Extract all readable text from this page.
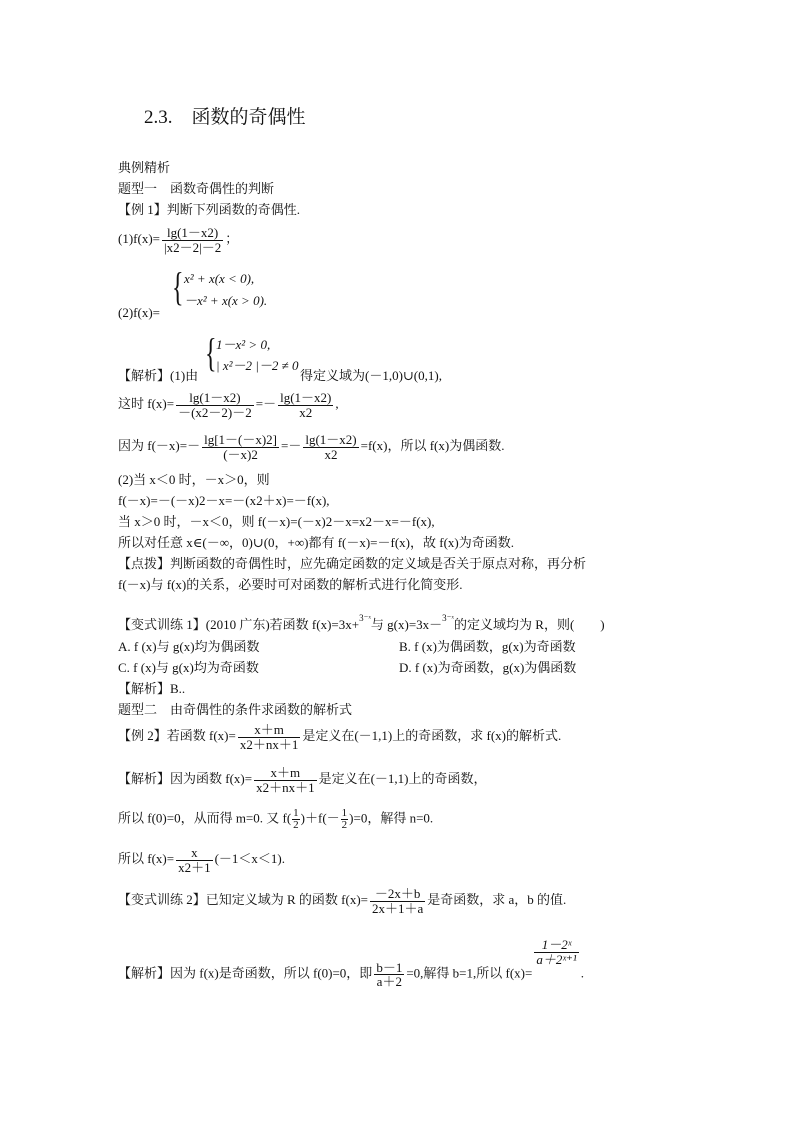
2.3.　函数的奇偶性
典例精析
题型一　函数奇偶性的判断
【例 1】判断下列函数的奇偶性.
$(1)f(x)= \frac{\lg(1-x2)}{|x2-2|-2}$ ；
{ x² + x(x < 0),
－x² + x(x > 0).
(2)f(x)=
{ 1－x² > 0,
| x²－2 |－2 ≠ 0
【解析】(1)由	得定义域为(－1,0)∪(0,1),
这时 $f(x)= \frac{\lg(1-x2)}{-(x2-2)-2} =- \frac{\lg(1-x2)}{x2}$ ,
因为 $f(-x)=- \frac{\lg[1-(-x)2]}{(-x)2} =- \frac{\lg(1-x2)}{x2} =f(x)$，所以 f(x)为偶函数.
(2)当 x＜0 时，－x＞0，则
f(－x)=－(－x)2－x=－(x2＋x)=－f(x),
当 x＞0 时，－x＜0，则 f(－x)=(－x)2－x=x2－x=－f(x),
所以对任意 x∈(－∞，0)∪(0，+∞)都有 f(－x)=－f(x)，故 f(x)为奇函数.
【点拨】判断函数的奇偶性时，应先确定函数的定义域是否关于原点对称，再分析
f(－x)与 f(x)的关系，必要时可对函数的解析式进行化简变形.
【变式训练 1】(2010 广东)若函数 f(x)=3x+$^{3^-ˣ}$与 g(x)=3x－$^{3^-ˣ}$的定义域均为 R，则(　　)
A. f (x)与 g(x)均为偶函数	B. f (x)为偶函数，g(x)为奇函数
C. f (x)与 g(x)均为奇函数	D. f (x)为奇函数，g(x)为偶函数
【解析】B..
题型二　由奇偶性的条件求函数的解析式
【例 2】若函数 $f(x)= \frac{x+m}{x2+nx+1}$ 是定义在(－1,1)上的奇函数，求 f(x)的解析式.
【解析】因为函数 $f(x)= \frac{x+m}{x2+nx+1}$ 是定义在(－1,1)上的奇函数，
所以 f(0)=0，从而得 m=0. 又 $f( \frac{1}{2} )+f(- \frac{1}{2} )=0$，解得 n=0.
所以 $f(x)= \frac{x}{x2+1} (-1<x<1)$.
【变式训练 2】已知定义域为 R 的函数 $f(x)= \frac{-2x+b}{2x+1+a}$ 是奇函数，求 a，b 的值.
【解析】因为 f(x)是奇函数，所以 f(0)=0，即 $\frac{b-1}{a+2} =0$,解得 b=1,所以 f(x)=
$\frac{\text{1－2ˣ}}{\text{a＋2ˣ⁺¹}}$
.
